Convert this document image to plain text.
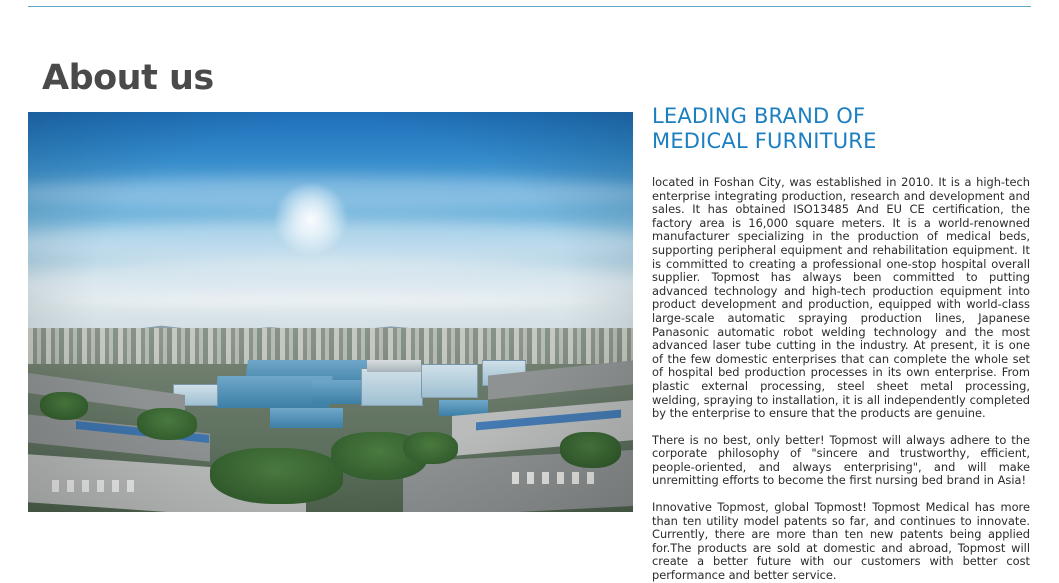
About us
LEADING BRAND OF
MEDICAL FURNITURE

located in Foshan City, was established in 2010. It is a high-tech enterprise integrating production, research and development and sales. It has obtained ISO13485 And EU CE certification, the factory area is 16,000 square meters. It is a world-renowned manufacturer specializing in the production of medical beds, supporting peripheral equipment and rehabilitation equipment. It is committed to creating a professional one-stop hospital overall supplier. Topmost has always been committed to putting advanced technology and high-tech production equipment into product development and production, equipped with world-class large-scale automatic spraying production lines, Japanese Panasonic automatic robot welding technology and the most advanced laser tube cutting in the industry. At present, it is one of the few domestic enterprises that can complete the whole set of hospital bed production processes in its own enterprise. From plastic external processing, steel sheet metal processing, welding, spraying to installation, it is all independently completed by the enterprise to ensure that the products are genuine.

There is no best, only better! Topmost will always adhere to the corporate philosophy of "sincere and trustworthy, efficient, people-oriented, and always enterprising", and will make unremitting efforts to become the first nursing bed brand in Asia!

Innovative Topmost, global Topmost! Topmost Medical has more than ten utility model patents so far, and continues to innovate. Currently, there are more than ten new patents being applied for.The products are sold at domestic and abroad, Topmost will create a better future with our customers with better cost performance and better service.
